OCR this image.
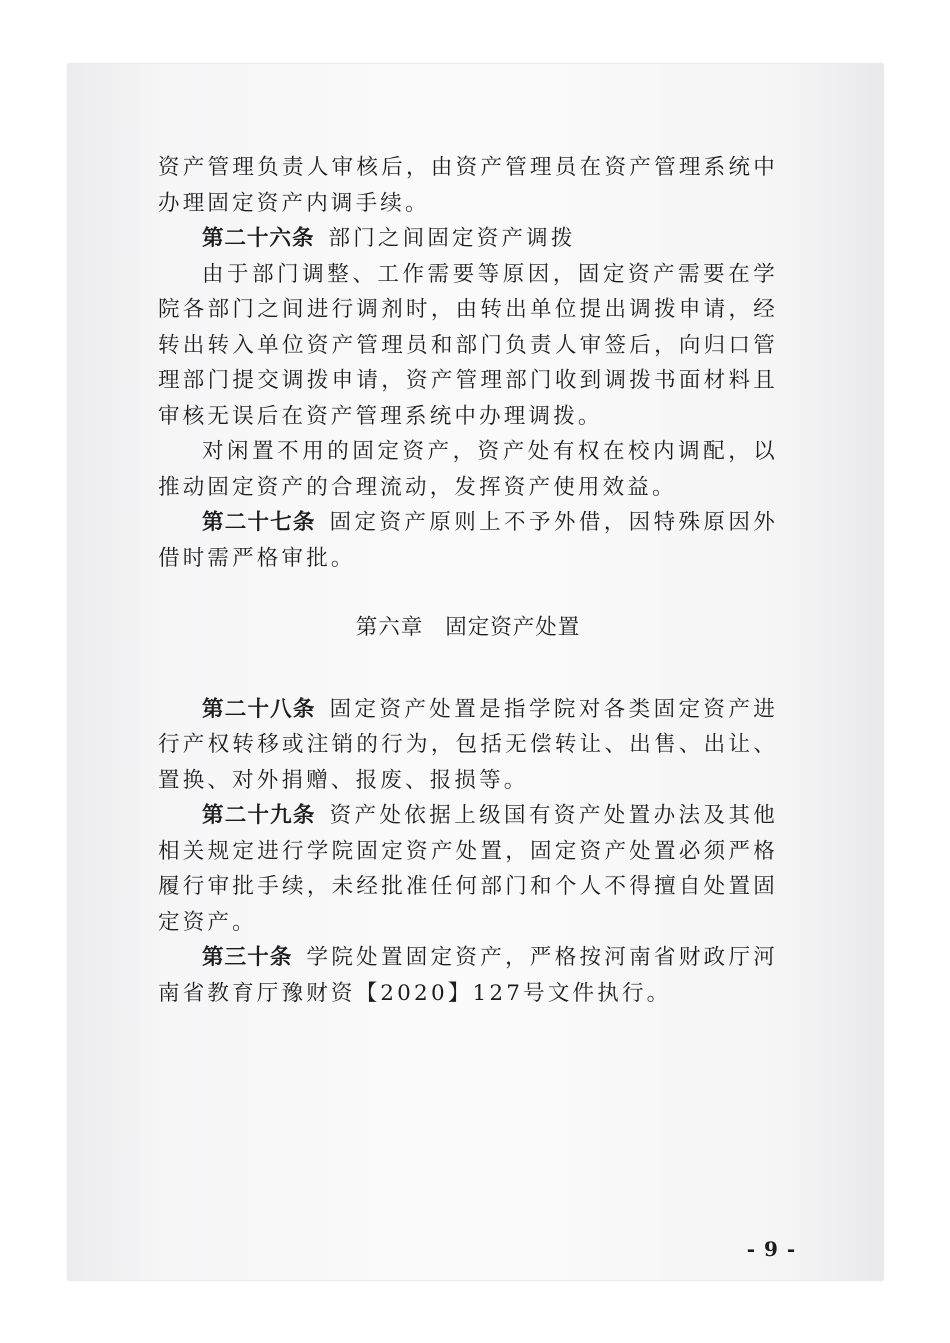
资产管理负责人审核后，由资产管理员在资产管理系统中办理固定资产内调手续。

第二十六条 部门之间固定资产调拨

由于部门调整、工作需要等原因，固定资产需要在学院各部门之间进行调剂时，由转出单位提出调拨申请，经转出转入单位资产管理员和部门负责人审签后，向归口管理部门提交调拨申请，资产管理部门收到调拨书面材料且审核无误后在资产管理系统中办理调拨。

对闲置不用的固定资产，资产处有权在校内调配，以推动固定资产的合理流动，发挥资产使用效益。

第二十七条 固定资产原则上不予外借，因特殊原因外借时需严格审批。

第六章 固定资产处置

第二十八条 固定资产处置是指学院对各类固定资产进行产权转移或注销的行为，包括无偿转让、出售、出让、置换、对外捐赠、报废、报损等。

第二十九条 资产处依据上级国有资产处置办法及其他相关规定进行学院固定资产处置，固定资产处置必须严格履行审批手续，未经批准任何部门和个人不得擅自处置固定资产。

第三十条 学院处置固定资产，严格按河南省财政厅河南省教育厅豫财资【2020】127号文件执行。

- 9 -
